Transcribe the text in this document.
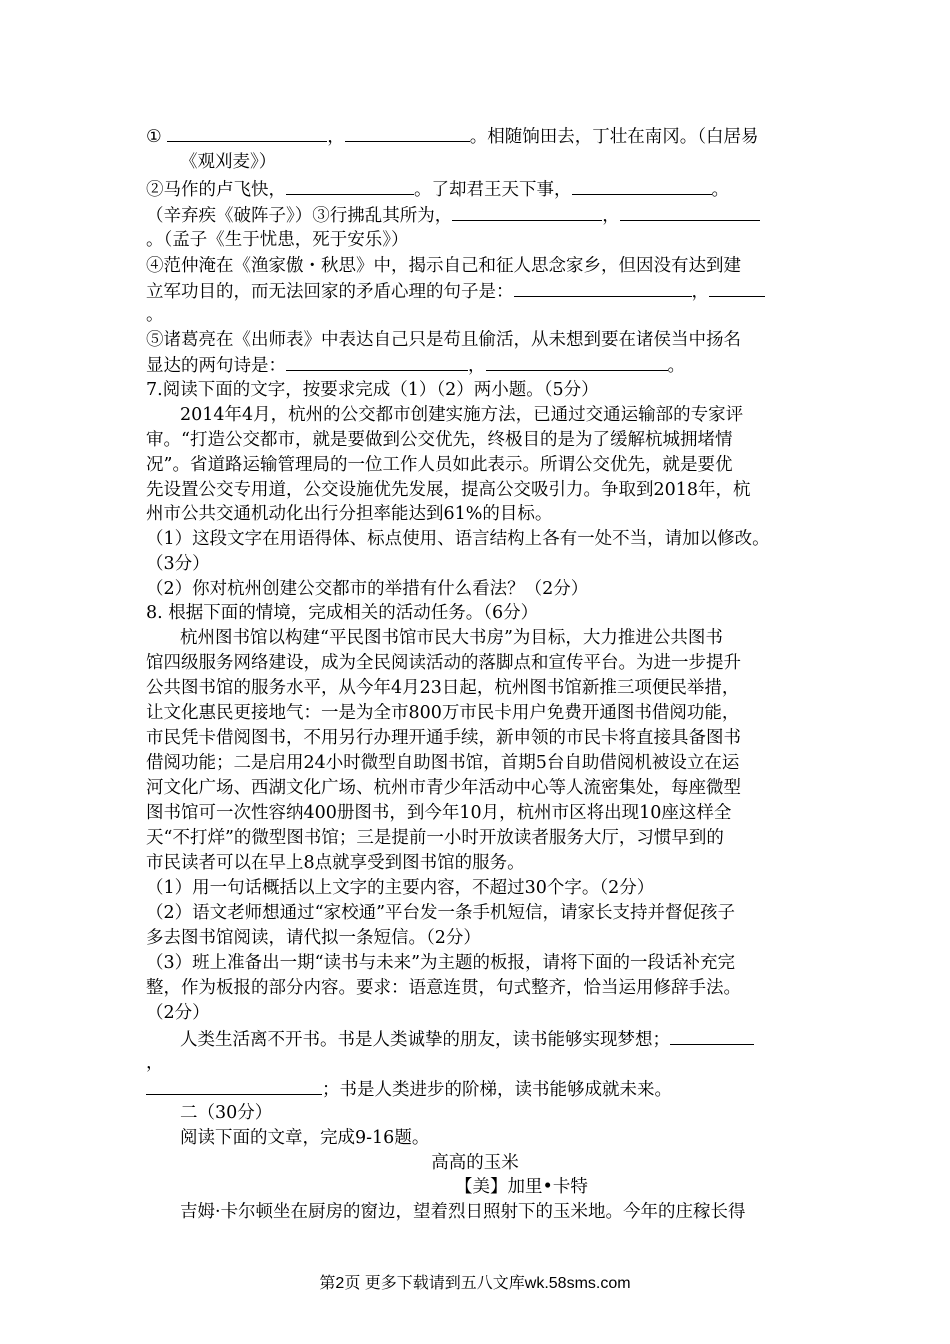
①	，	。相随饷田去，丁壮在南冈。（白居易
《观刈麦》）
②马作的卢飞快，	。了却君王天下事，	。
（辛弃疾《破阵子》）③行拂乱其所为，	，
。（孟子《生于忧患，死于安乐》）
④范仲淹在《渔家傲・秋思》中，揭示自己和征人思念家乡，但因没有达到建
立军功目的，而无法回家的矛盾心理的句子是：	，
。
⑤诸葛亮在《出师表》中表达自己只是苟且偷活，从未想到要在诸侯当中扬名
显达的两句诗是：	，	。
7.阅读下面的文字，按要求完成（1）（2）两小题。（5分）
2014年4月，杭州的公交都市创建实施方法，已通过交通运输部的专家评
审。“打造公交都市，就是要做到公交优先，终极目的是为了缓解杭城拥堵情
况”。省道路运输管理局的一位工作人员如此表示。所谓公交优先，就是要优
先设置公交专用道，公交设施优先发展，提高公交吸引力。争取到2018年，杭
州市公共交通机动化出行分担率能达到61%的目标。
（1）这段文字在用语得体、标点使用、语言结构上各有一处不当，请加以修改。
（3分）
（2）你对杭州创建公交都市的举措有什么看法？（2分）
8. 根据下面的情境，完成相关的活动任务。（6分）
杭州图书馆以构建“平民图书馆市民大书房”为目标，大力推进公共图书
馆四级服务网络建设，成为全民阅读活动的落脚点和宣传平台。为进一步提升
公共图书馆的服务水平，从今年4月23日起，杭州图书馆新推三项便民举措，
让文化惠民更接地气：一是为全市800万市民卡用户免费开通图书借阅功能，
市民凭卡借阅图书，不用另行办理开通手续，新申领的市民卡将直接具备图书
借阅功能；二是启用24小时微型自助图书馆，首期5台自助借阅机被设立在运
河文化广场、西湖文化广场、杭州市青少年活动中心等人流密集处，每座微型
图书馆可一次性容纳400册图书，到今年10月，杭州市区将出现10座这样全
天“不打烊”的微型图书馆；三是提前一小时开放读者服务大厅，习惯早到的
市民读者可以在早上8点就享受到图书馆的服务。
（1）用一句话概括以上文字的主要内容，不超过30个字。（2分）
（2）语文老师想通过“家校通”平台发一条手机短信，请家长支持并督促孩子
多去图书馆阅读，请代拟一条短信。（2分）
（3）班上准备出一期“读书与未来”为主题的板报，请将下面的一段话补充完
整，作为板报的部分内容。要求：语意连贯，句式整齐，恰当运用修辞手法。
（2分）
人类生活离不开书。书是人类诚挚的朋友，读书能够实现梦想；
，
；书是人类进步的阶梯，读书能够成就未来。
二（30分）
阅读下面的文章，完成9-16题。
高高的玉米
【美】加里•卡特
吉姆·卡尔顿坐在厨房的窗边，望着烈日照射下的玉米地。今年的庄稼长得
第2页 更多下载请到五八文库wk.58sms.com
